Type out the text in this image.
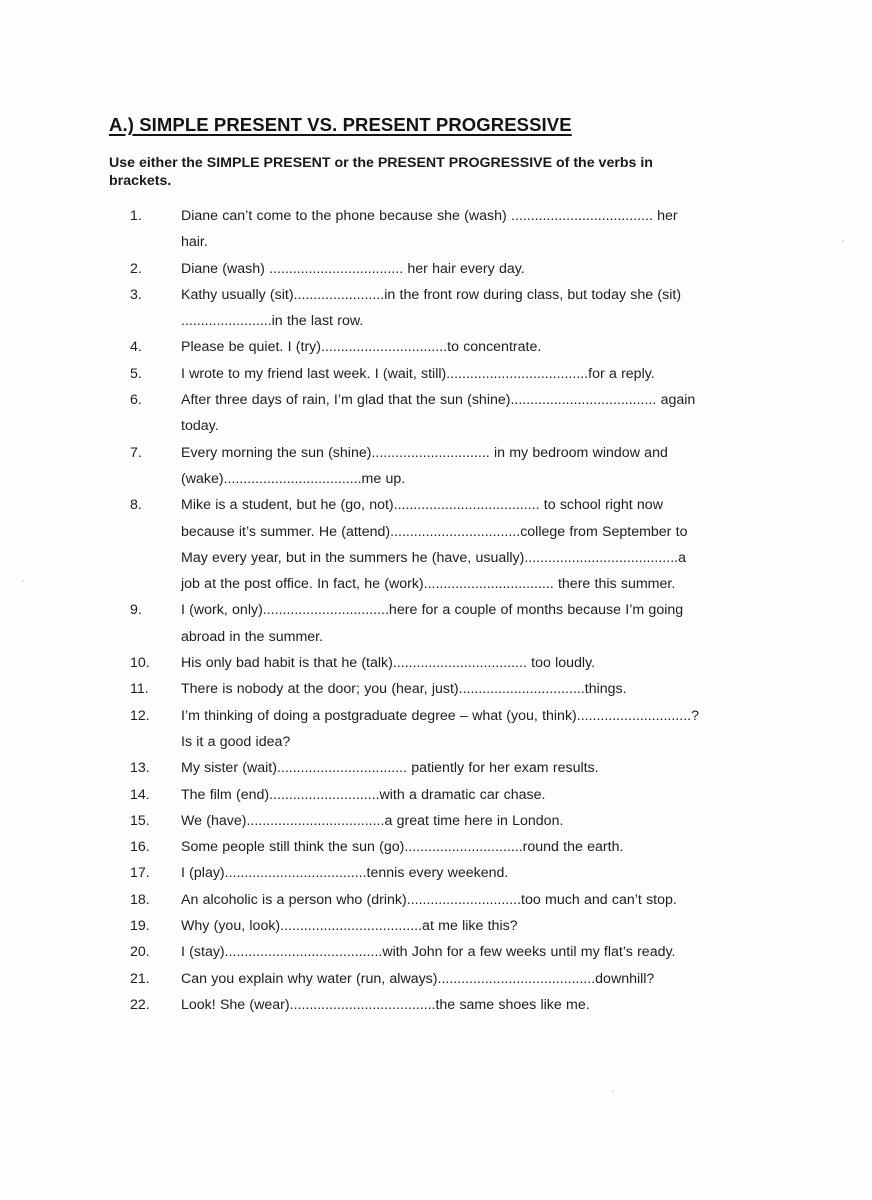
A.) SIMPLE PRESENT VS. PRESENT PROGRESSIVE

Use either the SIMPLE PRESENT or the PRESENT PROGRESSIVE of the verbs in brackets.

1.	Diane can’t come to the phone because she (wash) .................................... her
hair.
2.	Diane (wash) .................................. her hair every day.
3.	Kathy usually (sit).......................in the front row during class, but today she (sit)
.......................in the last row.
4.	Please be quiet. I (try)................................to concentrate.
5.	I wrote to my friend last week. I (wait, still)....................................for a reply.
6.	After three days of rain, I’m glad that the sun (shine)..................................... again
today.
7.	Every morning the sun (shine).............................. in my bedroom window and
(wake)...................................me up.
8.	Mike is a student, but he (go, not)..................................... to school right now
because it’s summer. He (attend).................................college from September to
May every year, but in the summers he (have, usually).......................................a
job at the post office. In fact, he (work)................................. there this summer.
9.	I (work, only)................................here for a couple of months because I’m going
abroad in the summer.
10.	His only bad habit is that he (talk).................................. too loudly.
11.	There is nobody at the door; you (hear, just)................................things.
12.	I’m thinking of doing a postgraduate degree – what (you, think).............................?
Is it a good idea?
13.	My sister (wait)................................. patiently for her exam results.
14.	The film (end)............................with a dramatic car chase.
15.	We (have)...................................a great time here in London.
16.	Some people still think the sun (go)..............................round the earth.
17.	I (play)....................................tennis every weekend.
18.	An alcoholic is a person who (drink).............................too much and can’t stop.
19.	Why (you, look)....................................at me like this?
20.	I (stay)........................................with John for a few weeks until my flat’s ready.
21.	Can you explain why water (run, always)........................................downhill?
22.	Look! She (wear).....................................the same shoes like me.
